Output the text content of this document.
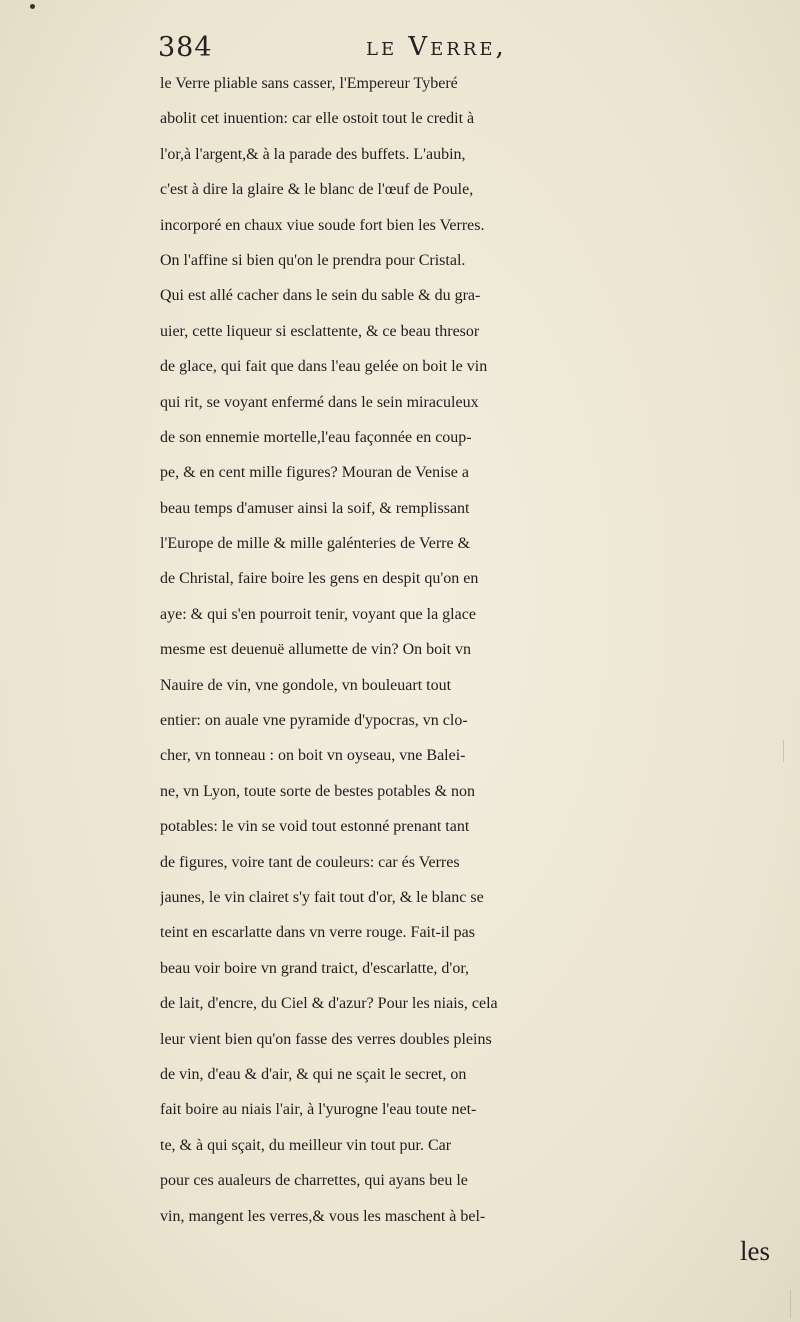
384	le Verre,
le Verre pliable sans casser, l'Empereur Tyberé
abolit cet inuention: car elle ostoit tout le credit à
l'or,à l'argent,& à la parade des buffets. L'aubin,
c'est à dire la glaire & le blanc de l'œuf de Poule,
incorporé en chaux viue soude fort bien les Verres.
On l'affine si bien qu'on le prendra pour Cristal.
Qui est allé cacher dans le sein du sable & du gra-
uier, cette liqueur si esclattente, & ce beau thresor
de glace, qui fait que dans l'eau gelée on boit le vin
qui rit, se voyant enfermé dans le sein miraculeux
de son ennemie mortelle,l'eau façonnée en coup-
pe, & en cent mille figures? Mouran de Venise a
beau temps d'amuser ainsi la soif, & remplissant
l'Europe de mille & mille galénteries de Verre &
de Christal, faire boire les gens en despit qu'on en
aye: & qui s'en pourroit tenir, voyant que la glace
mesme est deuenuë allumette de vin? On boit vn
Nauire de vin, vne gondole, vn bouleuart tout
entier: on auale vne pyramide d'ypocras, vn clo-
cher, vn tonneau : on boit vn oyseau, vne Balei-
ne, vn Lyon, toute sorte de bestes potables & non
potables: le vin se void tout estonné prenant tant
de figures, voire tant de couleurs: car és Verres
jaunes, le vin clairet s'y fait tout d'or, & le blanc se
teint en escarlatte dans vn verre rouge. Fait-il pas
beau voir boire vn grand traict, d'escarlatte, d'or,
de lait, d'encre, du Ciel & d'azur? Pour les niais, cela
leur vient bien qu'on fasse des verres doubles pleins
de vin, d'eau & d'air, & qui ne sçait le secret, on
fait boire au niais l'air, à l'yurogne l'eau toute net-
te, & à qui sçait, du meilleur vin tout pur. Car
pour ces aualeurs de charrettes, qui ayans beu le
vin, mangent les verres,& vous les maschent à bel-
les
